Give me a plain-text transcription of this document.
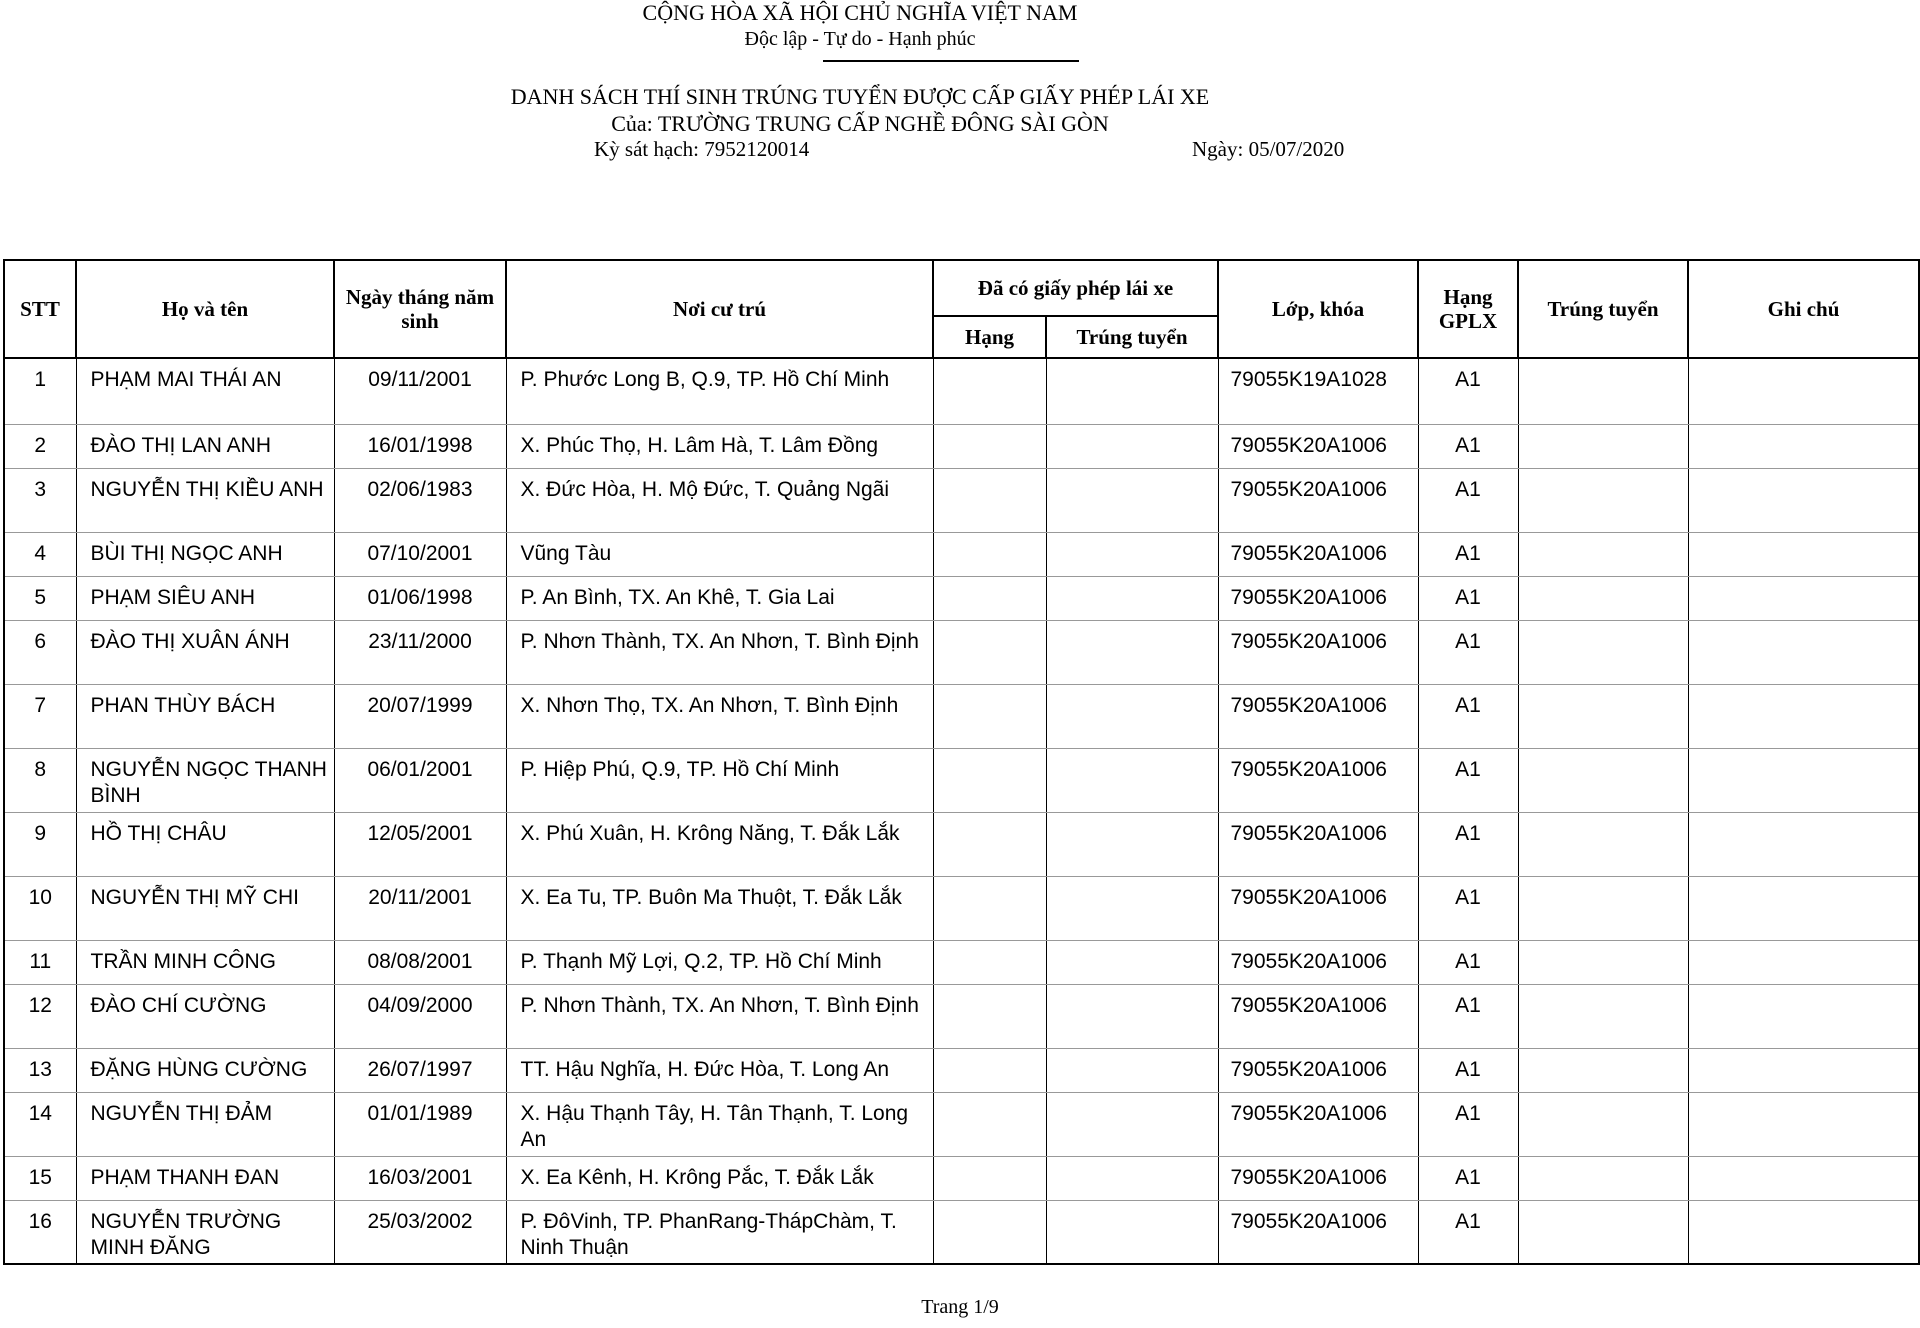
CỘNG HÒA XÃ HỘI CHỦ NGHĨA VIỆT NAM
Độc lập - Tự do - Hạnh phúc
DANH SÁCH THÍ SINH TRÚNG TUYỂN ĐƯỢC CẤP GIẤY PHÉP LÁI XE
Của: TRƯỜNG TRUNG CẤP NGHỀ ĐÔNG SÀI GÒN
Kỳ sát hạch: 7952120014	Ngày: 05/07/2020
STT	Họ và tên	Ngày tháng năm sinh	Nơi cư trú	Đã có giấy phép lái xe		Lớp, khóa	Hạng GPLX	Trúng tuyển	Ghi chú
				Hạng	Trúng tuyển				
1	PHẠM MAI THÁI AN	09/11/2001	P. Phước Long B, Q.9, TP. Hồ Chí Minh			79055K19A1028	A1		
2	ĐÀO THỊ LAN ANH	16/01/1998	X. Phúc Thọ, H. Lâm Hà, T. Lâm Đồng			79055K20A1006	A1		
3	NGUYỄN THỊ KIỀU ANH	02/06/1983	X. Đức Hòa, H. Mộ Đức, T. Quảng Ngãi			79055K20A1006	A1		
4	BÙI THỊ NGỌC ANH	07/10/2001	Vũng Tàu			79055K20A1006	A1		
5	PHẠM SIÊU ANH	01/06/1998	P. An Bình, TX. An Khê, T. Gia Lai			79055K20A1006	A1		
6	ĐÀO THỊ XUÂN ÁNH	23/11/2000	P. Nhơn Thành, TX. An Nhơn, T. Bình Định			79055K20A1006	A1		
7	PHAN THÙY BÁCH	20/07/1999	X. Nhơn Thọ, TX. An Nhơn, T. Bình Định			79055K20A1006	A1		
8	NGUYỄN NGỌC THANH BÌNH	06/01/2001	P. Hiệp Phú, Q.9, TP. Hồ Chí Minh			79055K20A1006	A1		
9	HỒ THỊ CHÂU	12/05/2001	X. Phú Xuân, H. Krông Năng, T. Đắk Lắk			79055K20A1006	A1		
10	NGUYỄN THỊ MỸ CHI	20/11/2001	X. Ea Tu, TP. Buôn Ma Thuột, T. Đắk Lắk			79055K20A1006	A1		
11	TRẦN MINH CÔNG	08/08/2001	P. Thạnh Mỹ Lợi, Q.2, TP. Hồ Chí Minh			79055K20A1006	A1		
12	ĐÀO CHÍ CƯỜNG	04/09/2000	P. Nhơn Thành, TX. An Nhơn, T. Bình Định			79055K20A1006	A1		
13	ĐẶNG HÙNG CƯỜNG	26/07/1997	TT. Hậu Nghĩa, H. Đức Hòa, T. Long An			79055K20A1006	A1		
14	NGUYỄN THỊ ĐẢM	01/01/1989	X. Hậu Thạnh Tây, H. Tân Thạnh, T. Long An			79055K20A1006	A1		
15	PHẠM THANH ĐAN	16/03/2001	X. Ea Kênh, H. Krông Pắc, T. Đắk Lắk			79055K20A1006	A1		
16	NGUYỄN TRƯỜNG MINH ĐĂNG	25/03/2002	P. ĐôVinh, TP. PhanRang-ThápChàm, T. Ninh Thuận			79055K20A1006	A1		
Trang 1/9
